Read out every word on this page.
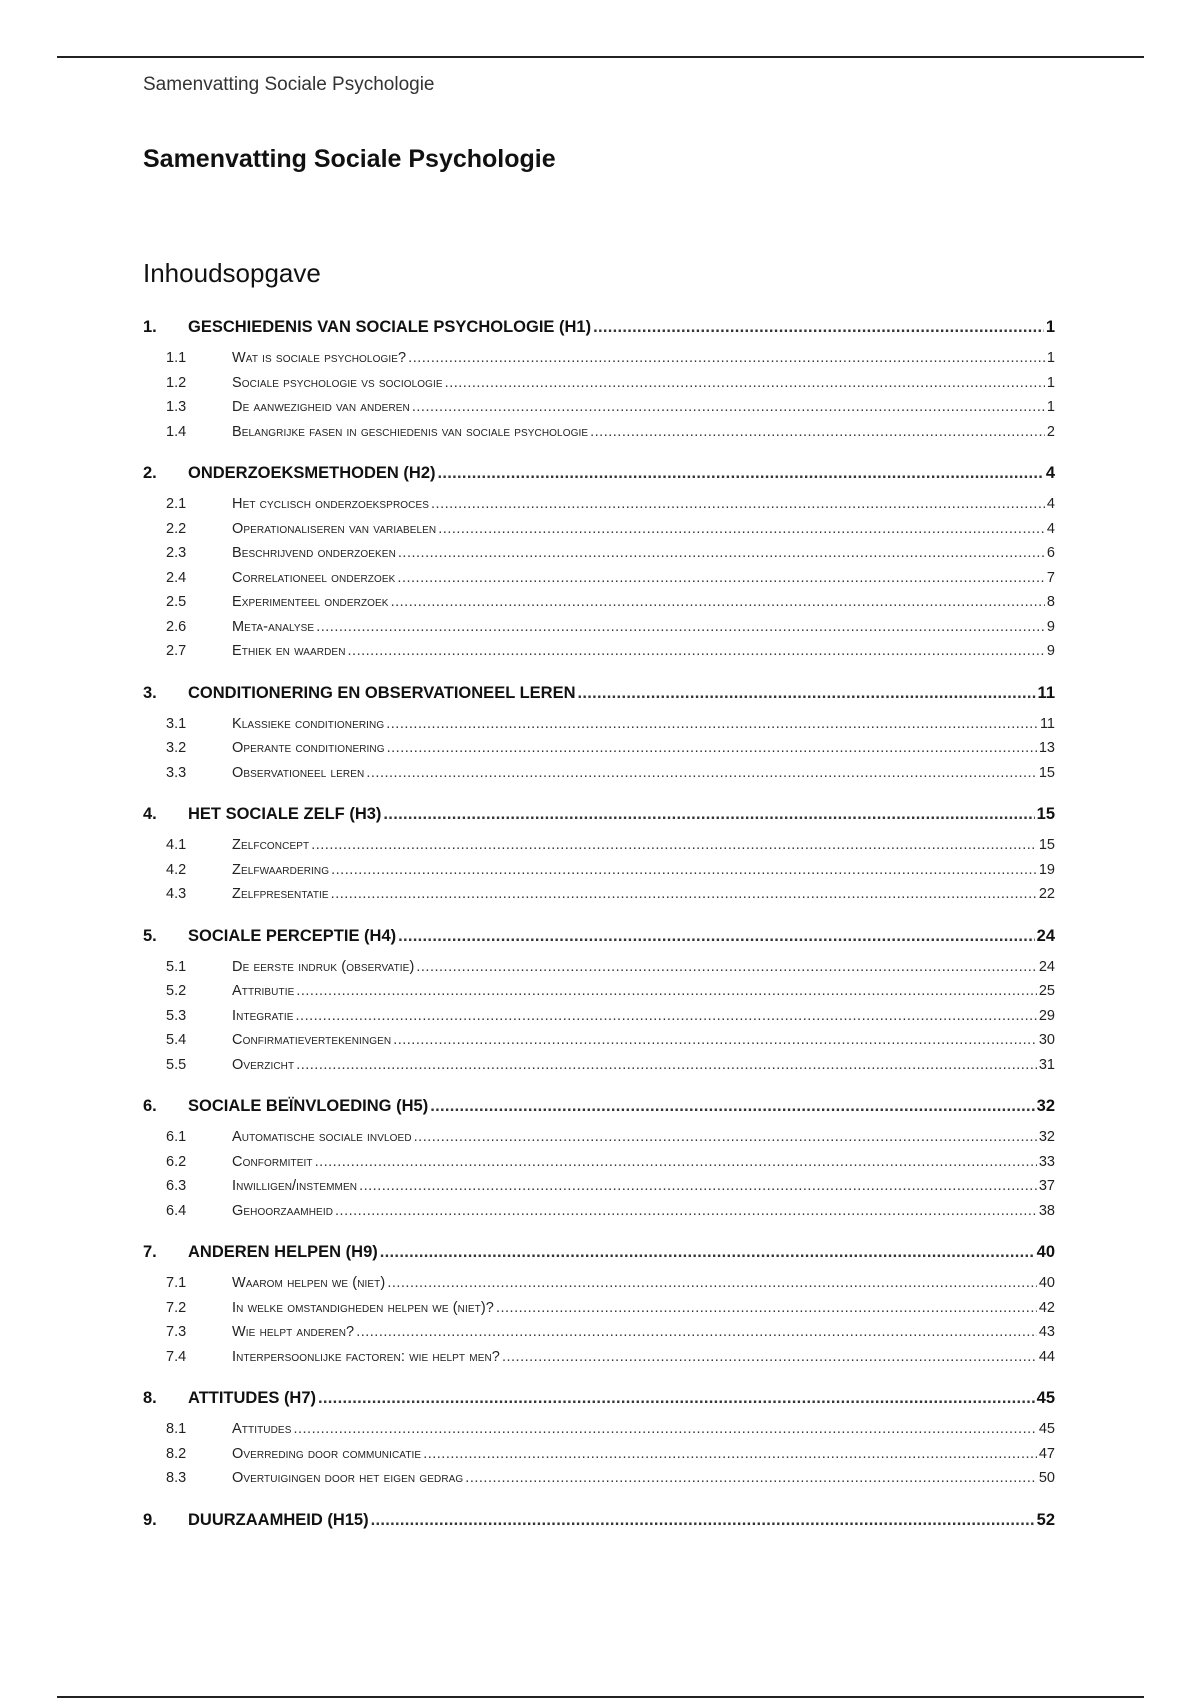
Samenvatting Sociale Psychologie
Samenvatting Sociale Psychologie
Inhoudsopgave
1.	GESCHIEDENIS VAN SOCIALE PSYCHOLOGIE (H1) .....	1
1.1	Wat is sociale psychologie? .....	1
1.2	Sociale psychologie vs sociologie .....	1
1.3	De aanwezigheid van anderen .....	1
1.4	Belangrijke fasen in geschiedenis van sociale psychologie .....	2
2.	ONDERZOEKSMETHODEN (H2) .....	4
2.1	Het cyclisch onderzoeksproces .....	4
2.2	Operationaliseren van variabelen .....	4
2.3	Beschrijvend onderzoeken .....	6
2.4	Correlationeel onderzoek .....	7
2.5	Experimenteel onderzoek .....	8
2.6	Meta-analyse .....	9
2.7	Ethiek en waarden .....	9
3.	CONDITIONERING EN OBSERVATIONEEL LEREN .....	11
3.1	Klassieke conditionering .....	11
3.2	Operante conditionering .....	13
3.3	Observationeel leren .....	15
4.	HET SOCIALE ZELF (H3) .....	15
4.1	Zelfconcept .....	15
4.2	Zelfwaardering .....	19
4.3	Zelfpresentatie .....	22
5.	SOCIALE PERCEPTIE (H4) .....	24
5.1	De eerste indruk (observatie) .....	24
5.2	Attributie .....	25
5.3	Integratie .....	29
5.4	Confirmatievertekeningen .....	30
5.5	Overzicht .....	31
6.	SOCIALE BEÏNVLOEDING (H5) .....	32
6.1	Automatische sociale invloed .....	32
6.2	Conformiteit .....	33
6.3	Inwilligen/instemmen .....	37
6.4	Gehoorzaamheid .....	38
7.	ANDEREN HELPEN (H9) .....	40
7.1	Waarom helpen we (niet) .....	40
7.2	In welke omstandigheden helpen we (niet)? .....	42
7.3	Wie helpt anderen? .....	43
7.4	Interpersoonlijke factoren: wie helpt men? .....	44
8.	ATTITUDES (H7) .....	45
8.1	Attitudes .....	45
8.2	Overreding door communicatie .....	47
8.3	Overtuigingen door het eigen gedrag .....	50
9.	DUURZAAMHEID (H15) .....	52
